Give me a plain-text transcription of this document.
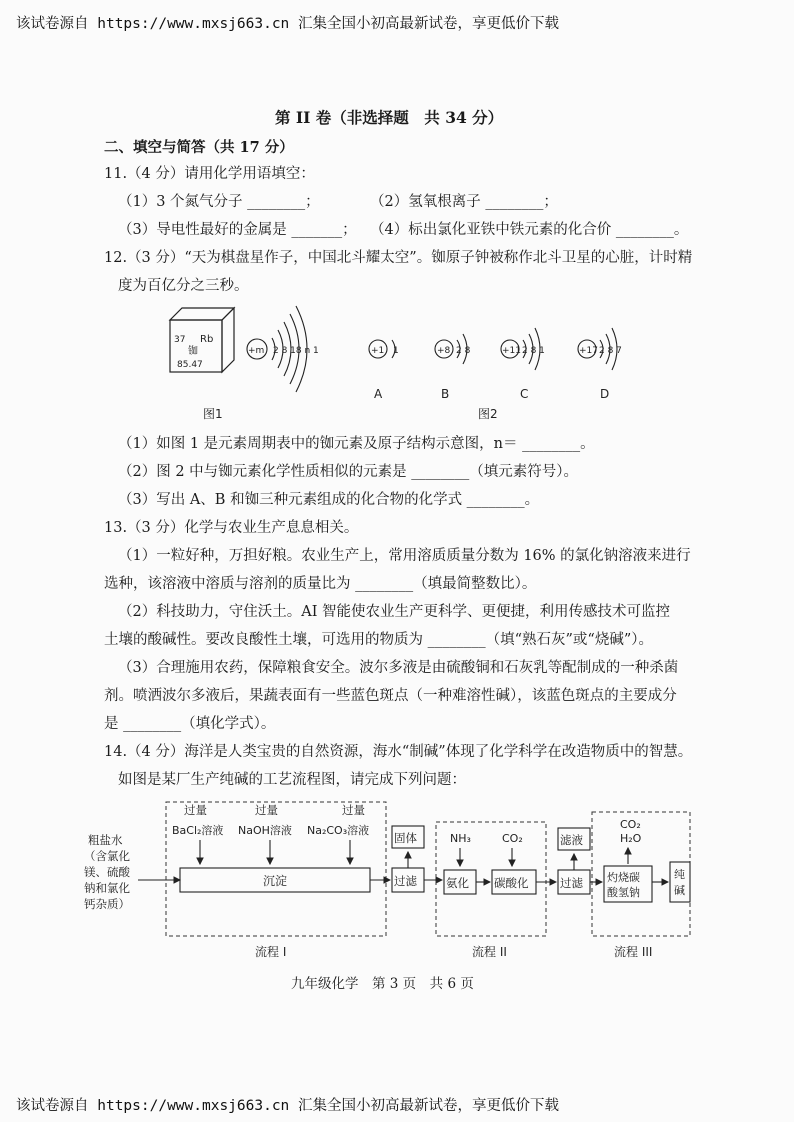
该试卷源自 https://www.mxsj663.cn 汇集全国小初高最新试卷，享更低价下载
第 II 卷（非选择题　共 34 分）
二、填空与简答（共 17 分）
11.（4 分）请用化学用语填空：
（1）3 个氮气分子 ________；	（2）氢氧根离子 ________；
（3）导电性最好的金属是 _______； （4）标出氯化亚铁中铁元素的化合价 ________。
12.（3 分）“天为棋盘星作子，中国北斗耀太空”。铷原子钟被称作北斗卫星的心脏，计时精
度为百亿分之三秒。
37 Rb
铷
85.47
+m 2 8 18 n 1
图1
+1 1
A
+8 2 8
B
+11 2 8 1
C
+17 2 8 7
D
图2
（1）如图 1 是元素周期表中的铷元素及原子结构示意图，n＝ ________。
（2）图 2 中与铷元素化学性质相似的元素是 ________（填元素符号）。
（3）写出 A、B 和铷三种元素组成的化合物的化学式 ________。
13.（3 分）化学与农业生产息息相关。
（1）一粒好种，万担好粮。农业生产上，常用溶质质量分数为 16% 的氯化钠溶液来进行
选种，该溶液中溶质与溶剂的质量比为 ________（填最简整数比）。
（2）科技助力，守住沃土。AI 智能使农业生产更科学、更便捷，利用传感技术可监控
土壤的酸碱性。要改良酸性土壤，可选用的物质为 ________（填“熟石灰”或“烧碱”）。
（3）合理施用农药，保障粮食安全。波尔多液是由硫酸铜和石灰乳等配制成的一种杀菌
剂。喷洒波尔多液后，果蔬表面有一些蓝色斑点（一种难溶性碱），该蓝色斑点的主要成分
是 ________（填化学式）。
14.（4 分）海洋是人类宝贵的自然资源，海水“制碱”体现了化学科学在改造物质中的智慧。
如图是某厂生产纯碱的工艺流程图，请完成下列问题：
粗盐水
（含氯化
镁、硫酸
钠和氯化
钙杂质）
过量	过量	过量
BaCl₂溶液 NaOH溶液 Na₂CO₃溶液
沉淀
流程 I
过滤
固体	NH₃	CO₂
氨化 碳酸化
流程 II
过滤
滤液
CO₂
H₂O
灼烧碳
酸氢钠
流程 III
纯
碱
九年级化学　第 3 页　共 6 页
该试卷源自 https://www.mxsj663.cn 汇集全国小初高最新试卷，享更低价下载
